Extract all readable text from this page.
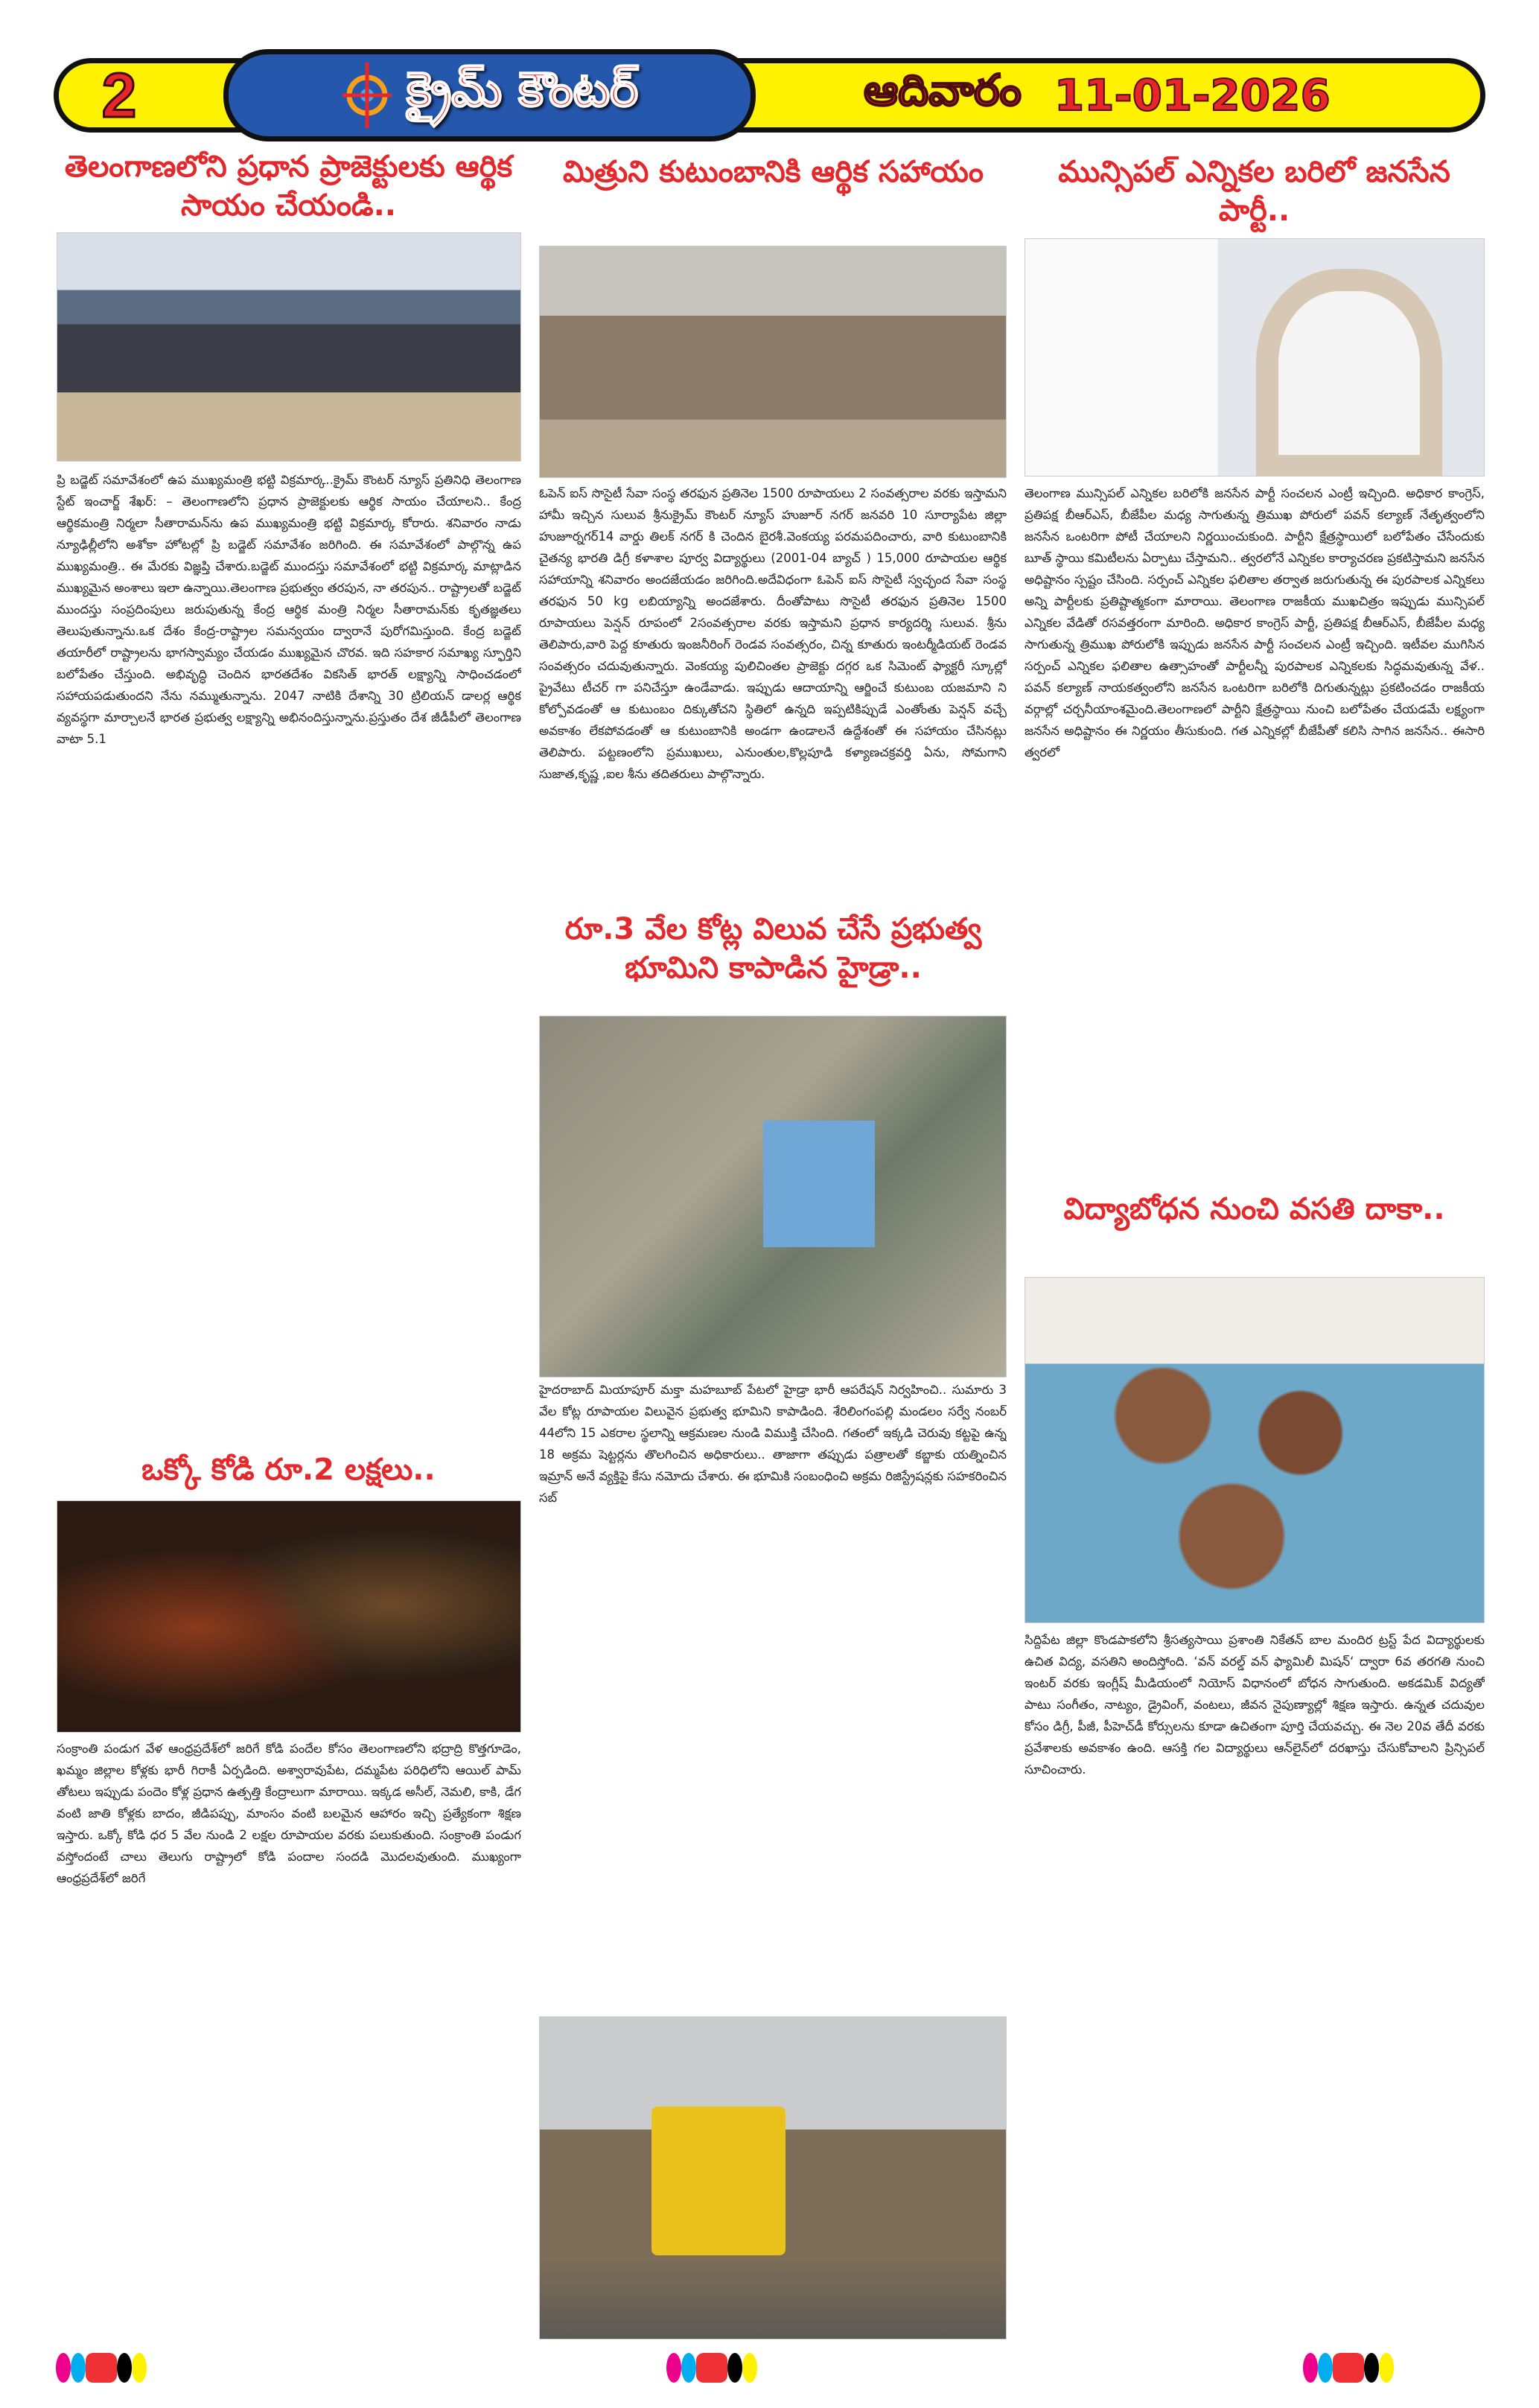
2	క్రైమ్ కౌంటర్	ఆదివారం 11-01-2026
తెలంగాణలోని ప్రధాన ప్రాజెక్టులకు ఆర్థిక సాయం చేయండి..

ప్రి బడ్జెట్ సమావేశంలో ఉప ముఖ్యమంత్రి భట్టి విక్రమార్క..క్రైమ్ కౌంటర్ న్యూస్ ప్రతినిధి తెలంగాణ స్టేట్ ఇంచార్జ్ శేఖర్: – తెలంగాణలోని ప్రధాన ప్రాజెక్టులకు ఆర్థిక సాయం చేయాలని.. కేంద్ర ఆర్థికమంత్రి నిర్మలా సీతారామన్‌ను ఉప ముఖ్యమంత్రి భట్టి విక్రమార్క కోరారు. శనివారం నాడు న్యూఢిల్లీలోని అశోకా హోటల్లో ప్రి బడ్జెట్ సమావేశం జరిగింది. ఈ సమావేశంలో పాల్గొన్న ఉప ముఖ్యమంత్రి.. ఈ మేరకు విజ్ఞప్తి చేశారు.బడ్జెట్ ముందస్తు సమావేశంలో భట్టి విక్రమార్క మాట్లాడిన ముఖ్యమైన అంశాలు ఇలా ఉన్నాయి.తెలంగాణ ప్రభుత్వం తరపున, నా తరపున.. రాష్ట్రాలతో బడ్జెట్ ముందస్తు సంప్రదింపులు జరుపుతున్న కేంద్ర ఆర్థిక మంత్రి నిర్మల సీతారామన్‌కు కృతజ్ఞతలు తెలుపుతున్నాను.ఒక దేశం కేంద్ర-రాష్ట్రాల సమన్వయం ద్వారానే పురోగమిస్తుంది. కేంద్ర బడ్జెట్ తయారీలో రాష్ట్రాలను భాగస్వామ్యం చేయడం ముఖ్యమైన చొరవ. ఇది సహకార సమాఖ్య స్ఫూర్తిని బలోపేతం చేస్తుంది. అభివృద్ధి చెందిన భారతదేశం వికసిత్ భారత్ లక్ష్యాన్ని సాధించడంలో సహాయపడుతుందని నేను నమ్ముతున్నాను. 2047 నాటికి దేశాన్ని 30 ట్రిలియన్ డాలర్ల ఆర్థిక వ్యవస్థగా మార్చాలనే భారత ప్రభుత్వ లక్ష్యాన్ని అభినందిస్తున్నాను.ప్రస్తుతం దేశ జీడీపీలో తెలంగాణ వాటా 5.1

ఒక్కో కోడి రూ.2 లక్షలు..

సంక్రాంతి పండుగ వేళ ఆంధ్రప్రదేశ్‌లో జరిగే కోడి పందేల కోసం తెలంగాణలోని భద్రాద్రి కొత్తగూడెం, ఖమ్మం జిల్లాల కోళ్లకు భారీ గిరాకీ ఏర్పడింది. అశ్వారావుపేట, దమ్మపేట పరిధిలోని ఆయిల్ పామ్ తోటలు ఇప్పుడు పందెం కోళ్ల ప్రధాన ఉత్పత్తి కేంద్రాలుగా మారాయి. ఇక్కడ అసీల్, నెమలి, కాకి, డేగ వంటి జాతి కోళ్లకు బాదం, జీడిపప్పు, మాంసం వంటి బలమైన ఆహారం ఇచ్చి ప్రత్యేకంగా శిక్షణ ఇస్తారు. ఒక్కో కోడి ధర 5 వేల నుండి 2 లక్షల రూపాయల వరకు పలుకుతుంది. సంక్రాంతి పండుగ వస్తోందంటే చాలు తెలుగు రాష్ట్రాలో కోడి పందాల సందడి మొదలవుతుంది. ముఖ్యంగా ఆంధ్రప్రదేశ్‌లో జరిగే

మిత్రుని కుటుంబానికి ఆర్థిక సహాయం

ఓపెన్ ఐస్ సొసైటీ సేవా సంస్థ తరఫున ప్రతినెల 1500 రూపాయలు 2 సంవత్సరాల వరకు ఇస్తామని హామీ ఇచ్చిన సులువ శ్రీనుక్రైమ్ కౌంటర్ న్యూస్ హుజూర్ నగర్ జనవరి 10 సూర్యాపేట జిల్లా హుజూర్నగర్14 వార్డు తిలక్ నగర్ కి చెందిన బైరశీ.వెంకయ్య పరమపదించారు, వారి కుటుంబానికి చైతన్య భారతి డిగ్రీ కళాశాల పూర్వ విద్యార్థులు (2001-04 బ్యాచ్ ) 15,000 రూపాయల ఆర్థిక సహాయాన్ని శనివారం అందజేయడం జరిగింది.అదేవిధంగా ఓపెన్ ఐస్ సొసైటీ స్వచ్ఛంద సేవా సంస్థ తరఫున 50 kg లబియ్యాన్ని అందజేశారు. దీంతోపాటు సొసైటీ తరఫున ప్రతినెల 1500 రూపాయలు పెన్షన్ రూపంలో 2సంవత్సరాల వరకు ఇస్తామని ప్రధాన కార్యదర్శి సులువ. శ్రీను తెలిపారు,వారి పెద్ద కూతురు ఇంజనీరింగ్ రెండవ సంవత్సరం, చిన్న కూతురు ఇంటర్మీడియట్ రెండవ సంవత్సరం చదువుతున్నారు. వెంకయ్య పులిచింతల ప్రాజెక్టు దగ్గర ఒక సిమెంట్ ఫ్యాక్టరీ స్కూల్లో ప్రైవేటు టీచర్ గా పనిచేస్తూ ఉండేవాడు. ఇప్పుడు ఆదాయాన్ని ఆర్జించే కుటుంబ యజమాని ని కోల్పోవడంతో ఆ కుటుంబం దిక్కుతోచని స్థితిలో ఉన్నది ఇప్పటికిప్పుడే ఎంతోంతు పెన్షన్ వచ్చే అవకాశం లేకపోవడంతో ఆ కుటుంబానికి అండగా ఉండాలనే ఉద్దేశంతో ఈ సహాయం చేసినట్లు తెలిపారు. పట్టణంలోని ప్రముఖులు, ఎనుంతుల,కొల్లపూడి కళ్యాణచక్రవర్తి ఏను, సోమగాని సుజాత,కృష్ణ ,ఐల శీను తదితరులు పాల్గొన్నారు.

రూ.3 వేల కోట్ల విలువ చేసే ప్రభుత్వ భూమిని కాపాడిన హైడ్రా..

హైదరాబాద్ మియాపూర్ మక్తా మహబూబ్ పేటలో హైడ్రా భారీ ఆపరేషన్ నిర్వహించి.. సుమారు 3 వేల కోట్ల రూపాయల విలువైన ప్రభుత్వ భూమిని కాపాడింది. శేరిలింగంపల్లి మండలం సర్వే నంబర్ 44లోని 15 ఎకరాల స్థలాన్ని ఆక్రమణల నుండి విముక్తి చేసింది. గతంలో ఇక్కడి చెరువు కట్టపై ఉన్న 18 అక్రమ షెట్టర్లను తొలగించిన అధికారులు.. తాజాగా తప్పుడు పత్రాలతో కబ్జాకు యత్నించిన ఇమ్రాన్ అనే వ్యక్తిపై కేసు నమోదు చేశారు. ఈ భూమికి సంబంధించి అక్రమ రిజిస్ట్రేషన్లకు సహకరించిన సబ్

మున్సిపల్ ఎన్నికల బరిలో జనసేన పార్టీ..

తెలంగాణ మున్సిపల్ ఎన్నికల బరిలోకి జనసేన పార్టీ సంచలన ఎంట్రీ ఇచ్చింది. అధికార కాంగ్రెస్, ప్రతిపక్ష బీఆర్ఎస్, బీజేపీల మధ్య సాగుతున్న త్రిముఖ పోరులో పవన్ కల్యాణ్ నేతృత్వంలోని జనసేన ఒంటరిగా పోటీ చేయాలని నిర్ణయించుకుంది. పార్టీని క్షేత్రస్థాయిలో బలోపేతం చేసేందుకు బూత్ స్థాయి కమిటీలను ఏర్పాటు చేస్తామని.. త్వరలోనే ఎన్నికల కార్యాచరణ ప్రకటిస్తామని జనసేన అధిష్టానం స్పష్టం చేసింది. సర్పంచ్ ఎన్నికల ఫలితాల తర్వాత జరుగుతున్న ఈ పురపాలక ఎన్నికలు అన్ని పార్టీలకు ప్రతిష్టాత్మకంగా మారాయి. తెలంగాణ రాజకీయ ముఖచిత్రం ఇప్పుడు మున్సిపల్ ఎన్నికల వేడితో రసవత్తరంగా మారింది. అధికార కాంగ్రెస్ పార్టీ, ప్రతిపక్ష బీఆర్ఎస్, బీజేపీల మధ్య సాగుతున్న త్రిముఖ పోరులోకి ఇప్పుడు జనసేన పార్టీ సంచలన ఎంట్రీ ఇచ్చింది. ఇటీవల ముగిసిన సర్పంచ్ ఎన్నికల ఫలితాల ఉత్సాహంతో పార్టీలన్నీ పురపాలక ఎన్నికలకు సిద్ధమవుతున్న వేళ.. పవన్ కల్యాణ్ నాయకత్వంలోని జనసేన ఒంటరిగా బరిలోకి దిగుతున్నట్లు ప్రకటించడం రాజకీయ వర్గాల్లో చర్చనీయాంశమైంది.తెలంగాణలో పార్టీని క్షేత్రస్థాయి నుంచి బలోపేతం చేయడమే లక్ష్యంగా జనసేన అధిష్టానం ఈ నిర్ణయం తీసుకుంది. గత ఎన్నికల్లో బీజేపీతో కలిసి సాగిన జనసేన.. ఈసారి త్వరలో

విద్యాబోధన నుంచి వసతి దాకా..

సిద్దిపేట జిల్లా కొండపాకలోని శ్రీసత్యసాయి ప్రశాంతి నికేతన్ బాల మందిర ట్రస్ట్ పేద విద్యార్థులకు ఉచిత విద్య, వసతిని అందిస్తోంది. ‘వన్ వరల్డ్ వన్ ఫ్యామిలీ మిషన్‘ ద్వారా 6వ తరగతి నుంచి ఇంటర్ వరకు ఇంగ్లీష్ మీడియంలో నియోస్ విధానంలో బోధన సాగుతుంది. అకడమిక్ విద్యతో పాటు సంగీతం, నాట్యం, డ్రైవింగ్, వంటలు, జీవన నైపుణ్యాల్లో శిక్షణ ఇస్తారు. ఉన్నత చదువుల కోసం డిగ్రీ, పీజీ, పీహెచ్‌డీ కోర్సులను కూడా ఉచితంగా పూర్తి చేయవచ్చు. ఈ నెల 20వ తేదీ వరకు ప్రవేశాలకు అవకాశం ఉంది. ఆసక్తి గల విద్యార్థులు ఆన్‌లైన్‌లో దరఖాస్తు చేసుకోవాలని ప్రిన్సిపల్ సూచించారు.
